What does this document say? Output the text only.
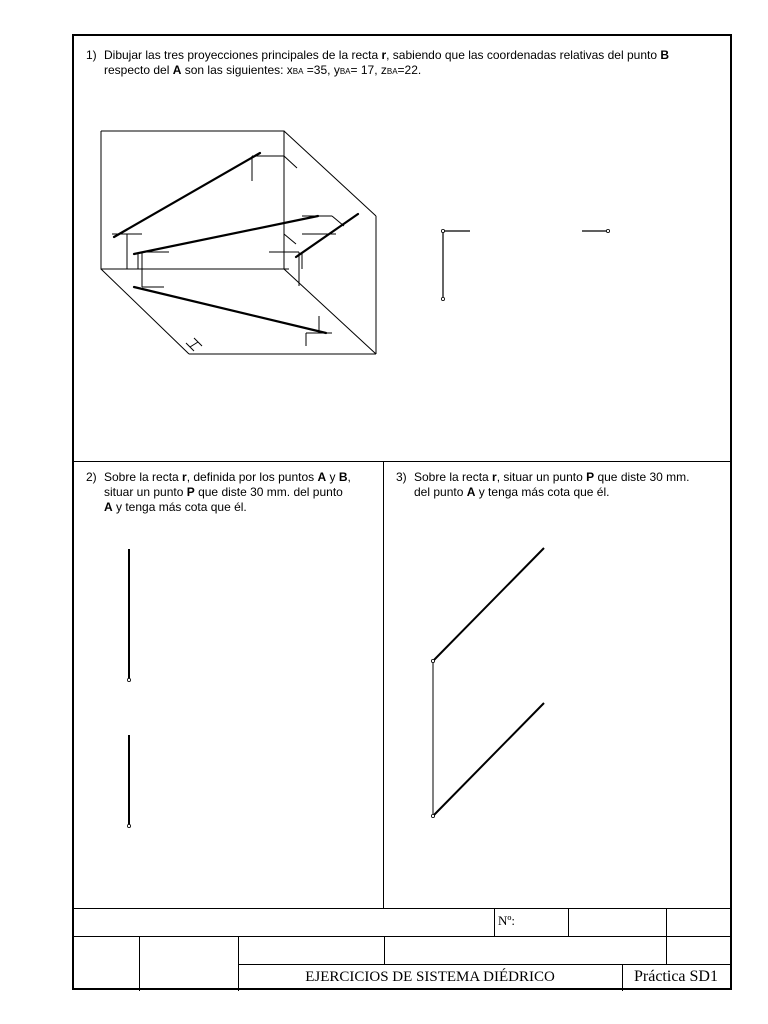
1) Dibujar las tres proyecciones principales de la recta r, sabiendo que las coordenadas relativas del punto B
respecto del A son las siguientes: xBA =35, yBA= 17, zBA=22.
2) Sobre la recta r, definida por los puntos A y B,
situar un punto P que diste 30 mm. del punto
A y tenga más cota que él.
3) Sobre la recta r, situar un punto P que diste 30 mm.
del punto A y tenga más cota que él.
Nº:
EJERCICIOS DE SISTEMA DIÉDRICO	Práctica SD1
